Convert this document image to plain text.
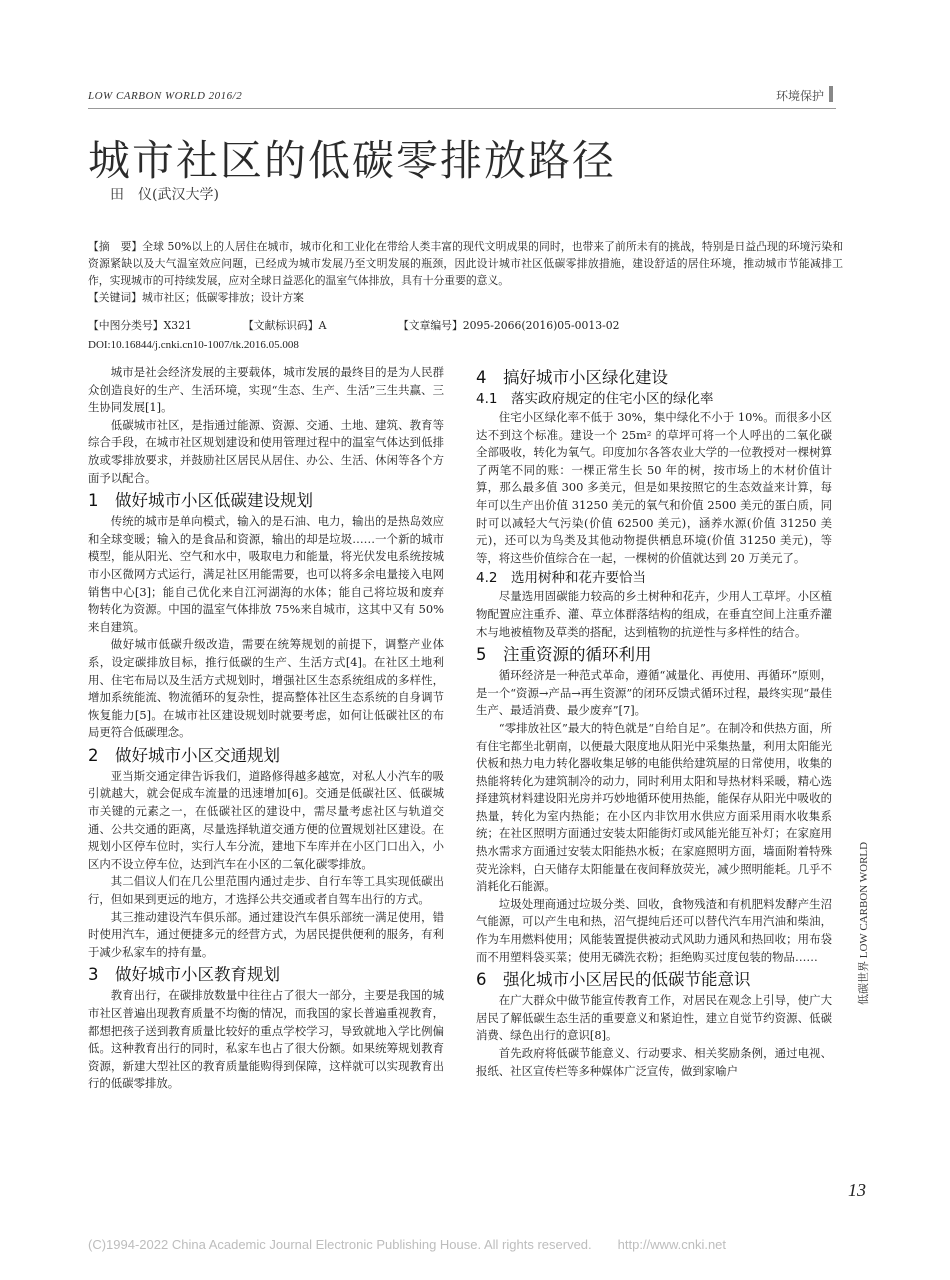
LOW CARBON WORLD 2016/2	环境保护
城市社区的低碳零排放路径
田　仪(武汉大学)

【摘　要】全球 50%以上的人居住在城市，城市化和工业化在带给人类丰富的现代文明成果的同时，也带来了前所未有的挑战，特别是日益凸现的环境污染和资源紧缺以及大气温室效应问题，已经成为城市发展乃至文明发展的瓶颈，因此设计城市社区低碳零排放措施，建设舒适的居住环境，推动城市节能减排工作，实现城市的可持续发展，应对全球日益恶化的温室气体排放，具有十分重要的意义。

【关键词】城市社区；低碳零排放；设计方案

【中图分类号】X321	【文献标识码】A	【文章编号】2095-2066(2016)05-0013-02
DOI:10.16844/j.cnki.cn10-1007/tk.2016.05.008

城市是社会经济发展的主要载体，城市发展的最终目的是为人民群众创造良好的生产、生活环境，实现“生态、生产、生活”三生共赢、三生协同发展[1]。

低碳城市社区，是指通过能源、资源、交通、土地、建筑、教育等综合手段，在城市社区规划建设和使用管理过程中的温室气体达到低排放或零排放要求，并鼓励社区居民从居住、办公、生活、休闲等各个方面予以配合。

1　做好城市小区低碳建设规划

传统的城市是单向模式，输入的是石油、电力，输出的是热岛效应和全球变暖；输入的是食品和资源，输出的却是垃圾……一个新的城市模型，能从阳光、空气和水中，吸取电力和能量，将光伏发电系统按城市小区微网方式运行，满足社区用能需要，也可以将多余电量接入电网销售中心[3]；能自己优化来自江河湖海的水体；能自己将垃圾和废弃物转化为资源。中国的温室气体排放 75%来自城市，这其中又有 50%来自建筑。

做好城市低碳升级改造，需要在统筹规划的前提下，调整产业体系，设定碳排放目标，推行低碳的生产、生活方式[4]。在社区土地利用、住宅布局以及生活方式规划时，增强社区生态系统组成的多样性，增加系统能流、物流循环的复杂性，提高整体社区生态系统的自身调节恢复能力[5]。在城市社区建设规划时就要考虑，如何让低碳社区的布局更符合低碳理念。

2　做好城市小区交通规划

亚当斯交通定律告诉我们，道路修得越多越宽，对私人小汽车的吸引就越大，就会促成车流量的迅速增加[6]。交通是低碳社区、低碳城市关键的元素之一，在低碳社区的建设中，需尽量考虑社区与轨道交通、公共交通的距离，尽量选择轨道交通方便的位置规划社区建设。在规划小区停车位时，实行人车分流，建地下车库并在小区门口出入，小区内不设立停车位，达到汽车在小区的二氧化碳零排放。

其二倡议人们在几公里范围内通过走步、自行车等工具实现低碳出行，但如果到更远的地方，才选择公共交通或者自驾车出行的方式。

其三推动建设汽车俱乐部。通过建设汽车俱乐部统一满足使用，错时使用汽车，通过便捷多元的经营方式，为居民提供便利的服务，有利于减少私家车的持有量。

3　做好城市小区教育规划

教育出行，在碳排放数量中往往占了很大一部分，主要是我国的城市社区普遍出现教育质量不均衡的情况，而我国的家长普遍重视教育，都想把孩子送到教育质量比较好的重点学校学习，导致就地入学比例偏低。这种教育出行的同时，私家车也占了很大份额。如果统筹规划教育资源，新建大型社区的教育质量能购得到保障，这样就可以实现教育出行的低碳零排放。

4　搞好城市小区绿化建设
4.1　落实政府规定的住宅小区的绿化率

住宅小区绿化率不低于 30%，集中绿化不小于 10%。而很多小区达不到这个标准。建设一个 25m² 的草坪可将一个人呼出的二氧化碳全部吸收，转化为氧气。印度加尔各答农业大学的一位教授对一棵树算了两笔不同的账：一棵正常生长 50 年的树，按市场上的木材价值计算，那么最多值 300 多美元，但是如果按照它的生态效益来计算，每年可以生产出价值 31250 美元的氧气和价值 2500 美元的蛋白质，同时可以减轻大气污染(价值 62500 美元)，涵养水源(价值 31250 美元)，还可以为鸟类及其他动物提供栖息环境(价值 31250 美元)，等等，将这些价值综合在一起，一棵树的价值就达到 20 万美元了。

4.2　选用树种和花卉要恰当

尽量选用固碳能力较高的乡土树种和花卉，少用人工草坪。小区植物配置应注重乔、灌、草立体群落结构的组成，在垂直空间上注重乔灌木与地被植物及草类的搭配，达到植物的抗逆性与多样性的结合。

5　注重资源的循环利用

循环经济是一种范式革命，遵循“减量化、再使用、再循环”原则，是一个“资源→产品→再生资源”的闭环反馈式循环过程，最终实现“最佳生产、最适消费、最少废弃”[7]。

“零排放社区”最大的特色就是“自给自足”。在制冷和供热方面，所有住宅都坐北朝南，以便最大限度地从阳光中采集热量，利用太阳能光伏板和热力电力转化器收集足够的电能供给建筑屋的日常使用，收集的热能将转化为建筑制冷的动力，同时利用太阳和导热材料采暖，精心选择建筑材料建设阳光房并巧妙地循环使用热能，能保存从阳光中吸收的热量，转化为室内热能；在小区内非饮用水供应方面采用雨水收集系统；在社区照明方面通过安装太阳能街灯或风能光能互补灯；在家庭用热水需求方面通过安装太阳能热水板；在家庭照明方面，墙面附着特殊荧光涂料，白天储存太阳能量在夜间释放荧光，减少照明能耗。几乎不消耗化石能源。

垃圾处理商通过垃圾分类、回收，食物残渣和有机肥料发酵产生沼气能源，可以产生电和热，沼气提纯后还可以替代汽车用汽油和柴油，作为车用燃料使用；风能装置提供被动式风助力通风和热回收；用布袋而不用塑料袋买菜；使用无磷洗衣粉；拒绝购买过度包装的物品……

6　强化城市小区居民的低碳节能意识

在广大群众中做节能宣传教育工作，对居民在观念上引导，使广大居民了解低碳生态生活的重要意义和紧迫性，建立自觉节约资源、低碳消费、绿色出行的意识[8]。

首先政府将低碳节能意义、行动要求、相关奖励条例，通过电视、报纸、社区宣传栏等多种媒体广泛宣传，做到家喻户

低碳世界 LOW CARBON WORLD
13
(C)1994-2022 China Academic Journal Electronic Publishing House. All rights reserved.　　http://www.cnki.net
